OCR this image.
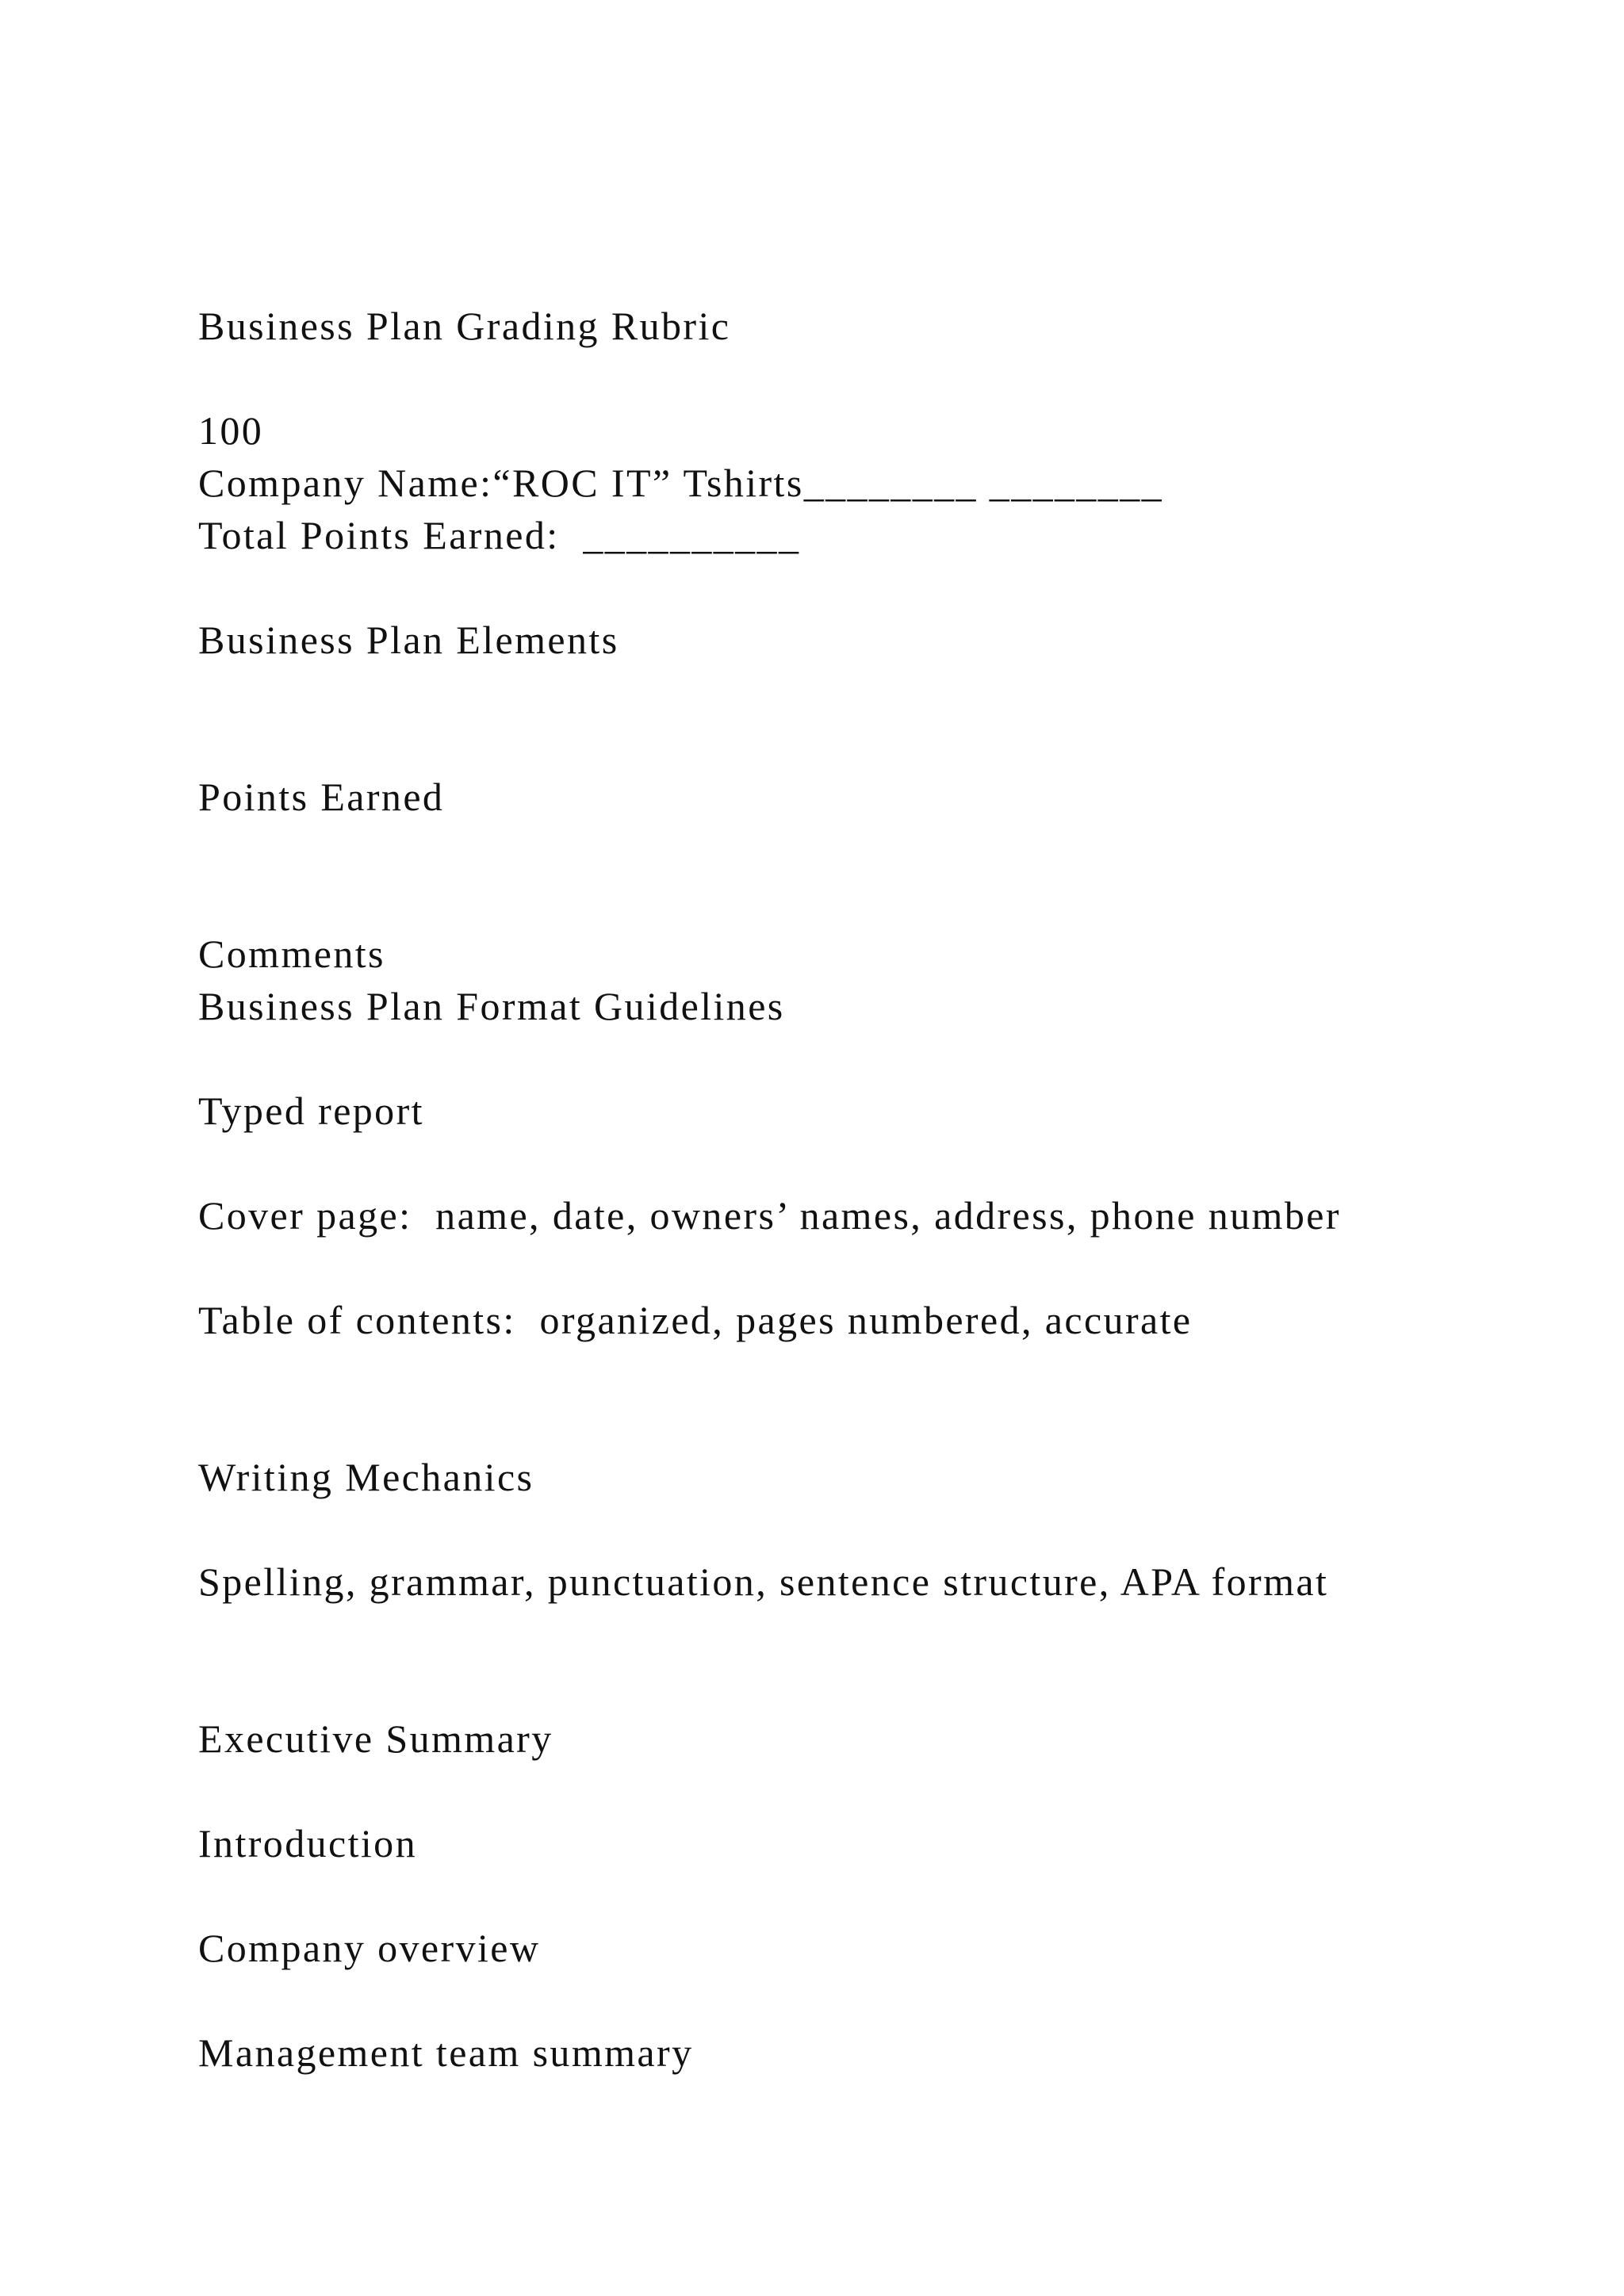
Business Plan Grading Rubric

100

Company Name:“ROC IT” Tshirts________ ________

Total Points Earned:  __________

Business Plan Elements

Points Earned

Comments

Business Plan Format Guidelines

Typed report

Cover page:  name, date, owners’ names, address, phone number

Table of contents:  organized, pages numbered, accurate

Writing Mechanics

Spelling, grammar, punctuation, sentence structure, APA format

Executive Summary

Introduction

Company overview

Management team summary
